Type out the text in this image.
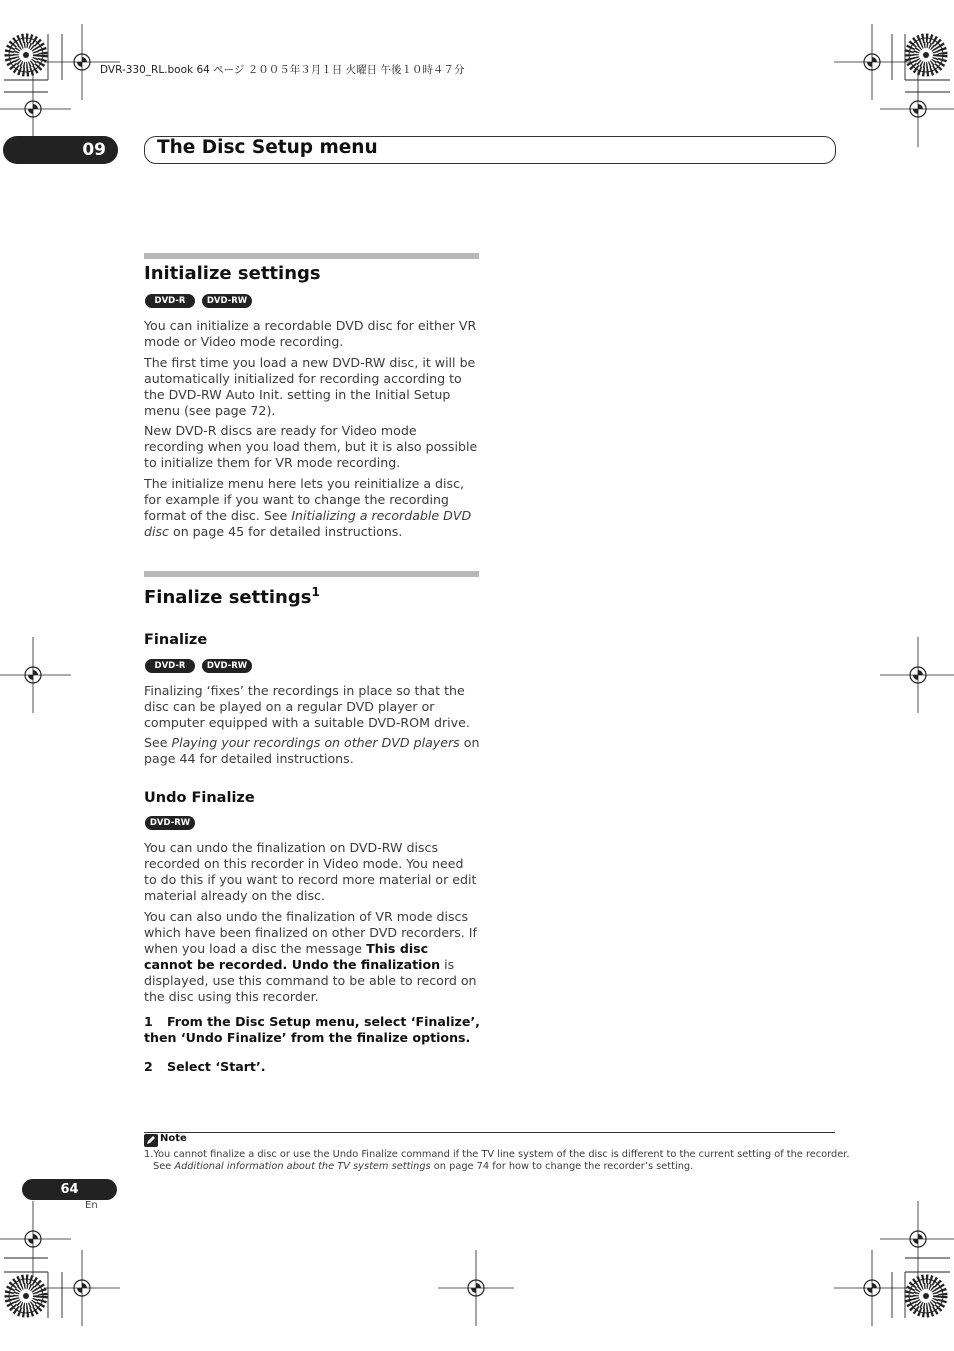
DVR-330_RL.book 64 ページ ２００５年３月１日 火曜日 午後１０時４７分
09	The Disc Setup menu
Initialize settings
DVD-R	DVD-RW

You can initialize a recordable DVD disc for either VR mode or Video mode recording.

The first time you load a new DVD-RW disc, it will be automatically initialized for recording according to the DVD-RW Auto Init. setting in the Initial Setup menu (see page 72).

New DVD-R discs are ready for Video mode recording when you load them, but it is also possible to initialize them for VR mode recording.

The initialize menu here lets you reinitialize a disc, for example if you want to change the recording format of the disc. See Initializing a recordable DVD disc on page 45 for detailed instructions.

Finalize settings$^1$
Finalize
DVD-R	DVD-RW

Finalizing ‘fixes’ the recordings in place so that the disc can be played on a regular DVD player or computer equipped with a suitable DVD-ROM drive.

See Playing your recordings on other DVD players on page 44 for detailed instructions.

Undo Finalize
DVD-RW

You can undo the finalization on DVD-RW discs recorded on this recorder in Video mode. You need to do this if you want to record more material or edit material already on the disc.

You can also undo the finalization of VR mode discs which have been finalized on other DVD recorders. If when you load a disc the message This disc cannot be recorded. Undo the finalization is displayed, use this command to be able to record on the disc using this recorder.

1 From the Disc Setup menu, select ‘Finalize’, then ‘Undo Finalize’ from the finalize options.
2 Select ‘Start’.
Note
1.You cannot finalize a disc or use the Undo Finalize command if the TV line system of the disc is different to the current setting of the recorder.
See Additional information about the TV system settings on page 74 for how to change the recorder’s setting.
64
En
